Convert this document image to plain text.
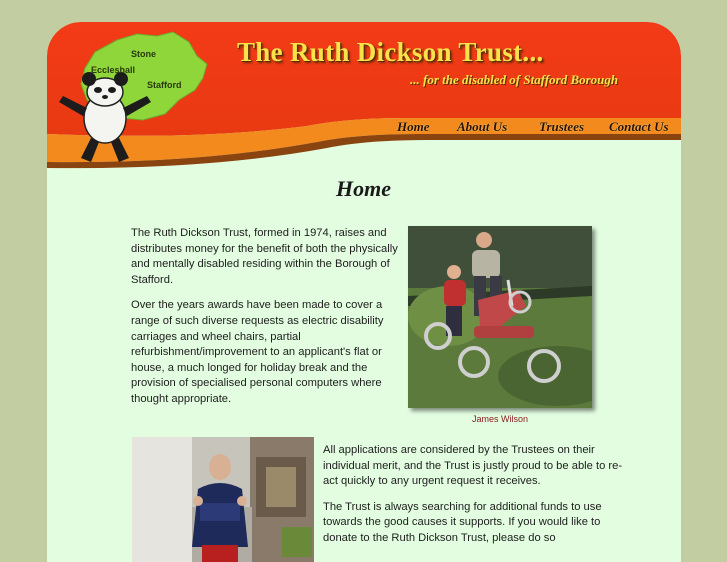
Stone
Eccleshall
Stafford
The Ruth Dickson Trust...
... for the disabled of Stafford Borough
Home About Us Trustees Contact Us
Home

The Ruth Dickson Trust, formed in 1974, raises and distributes money for the benefit of both the physically and mentally disabled residing within the Borough of Stafford.

Over the years awards have been made to cover a range of such diverse requests as electric disability carriages and wheel chairs, partial refurbishment/improvement to an applicant's flat or house, a much longed for holiday break and the provision of specialised personal computers where thought appropriate.

James Wilson

All applications are considered by the Trustees on their individual merit, and the Trust is justly proud to be able to re-act quickly to any urgent request it receives.

The Trust is always searching for additional funds to use towards the good causes it supports. If you would like to donate to the Ruth Dickson Trust, please do so
